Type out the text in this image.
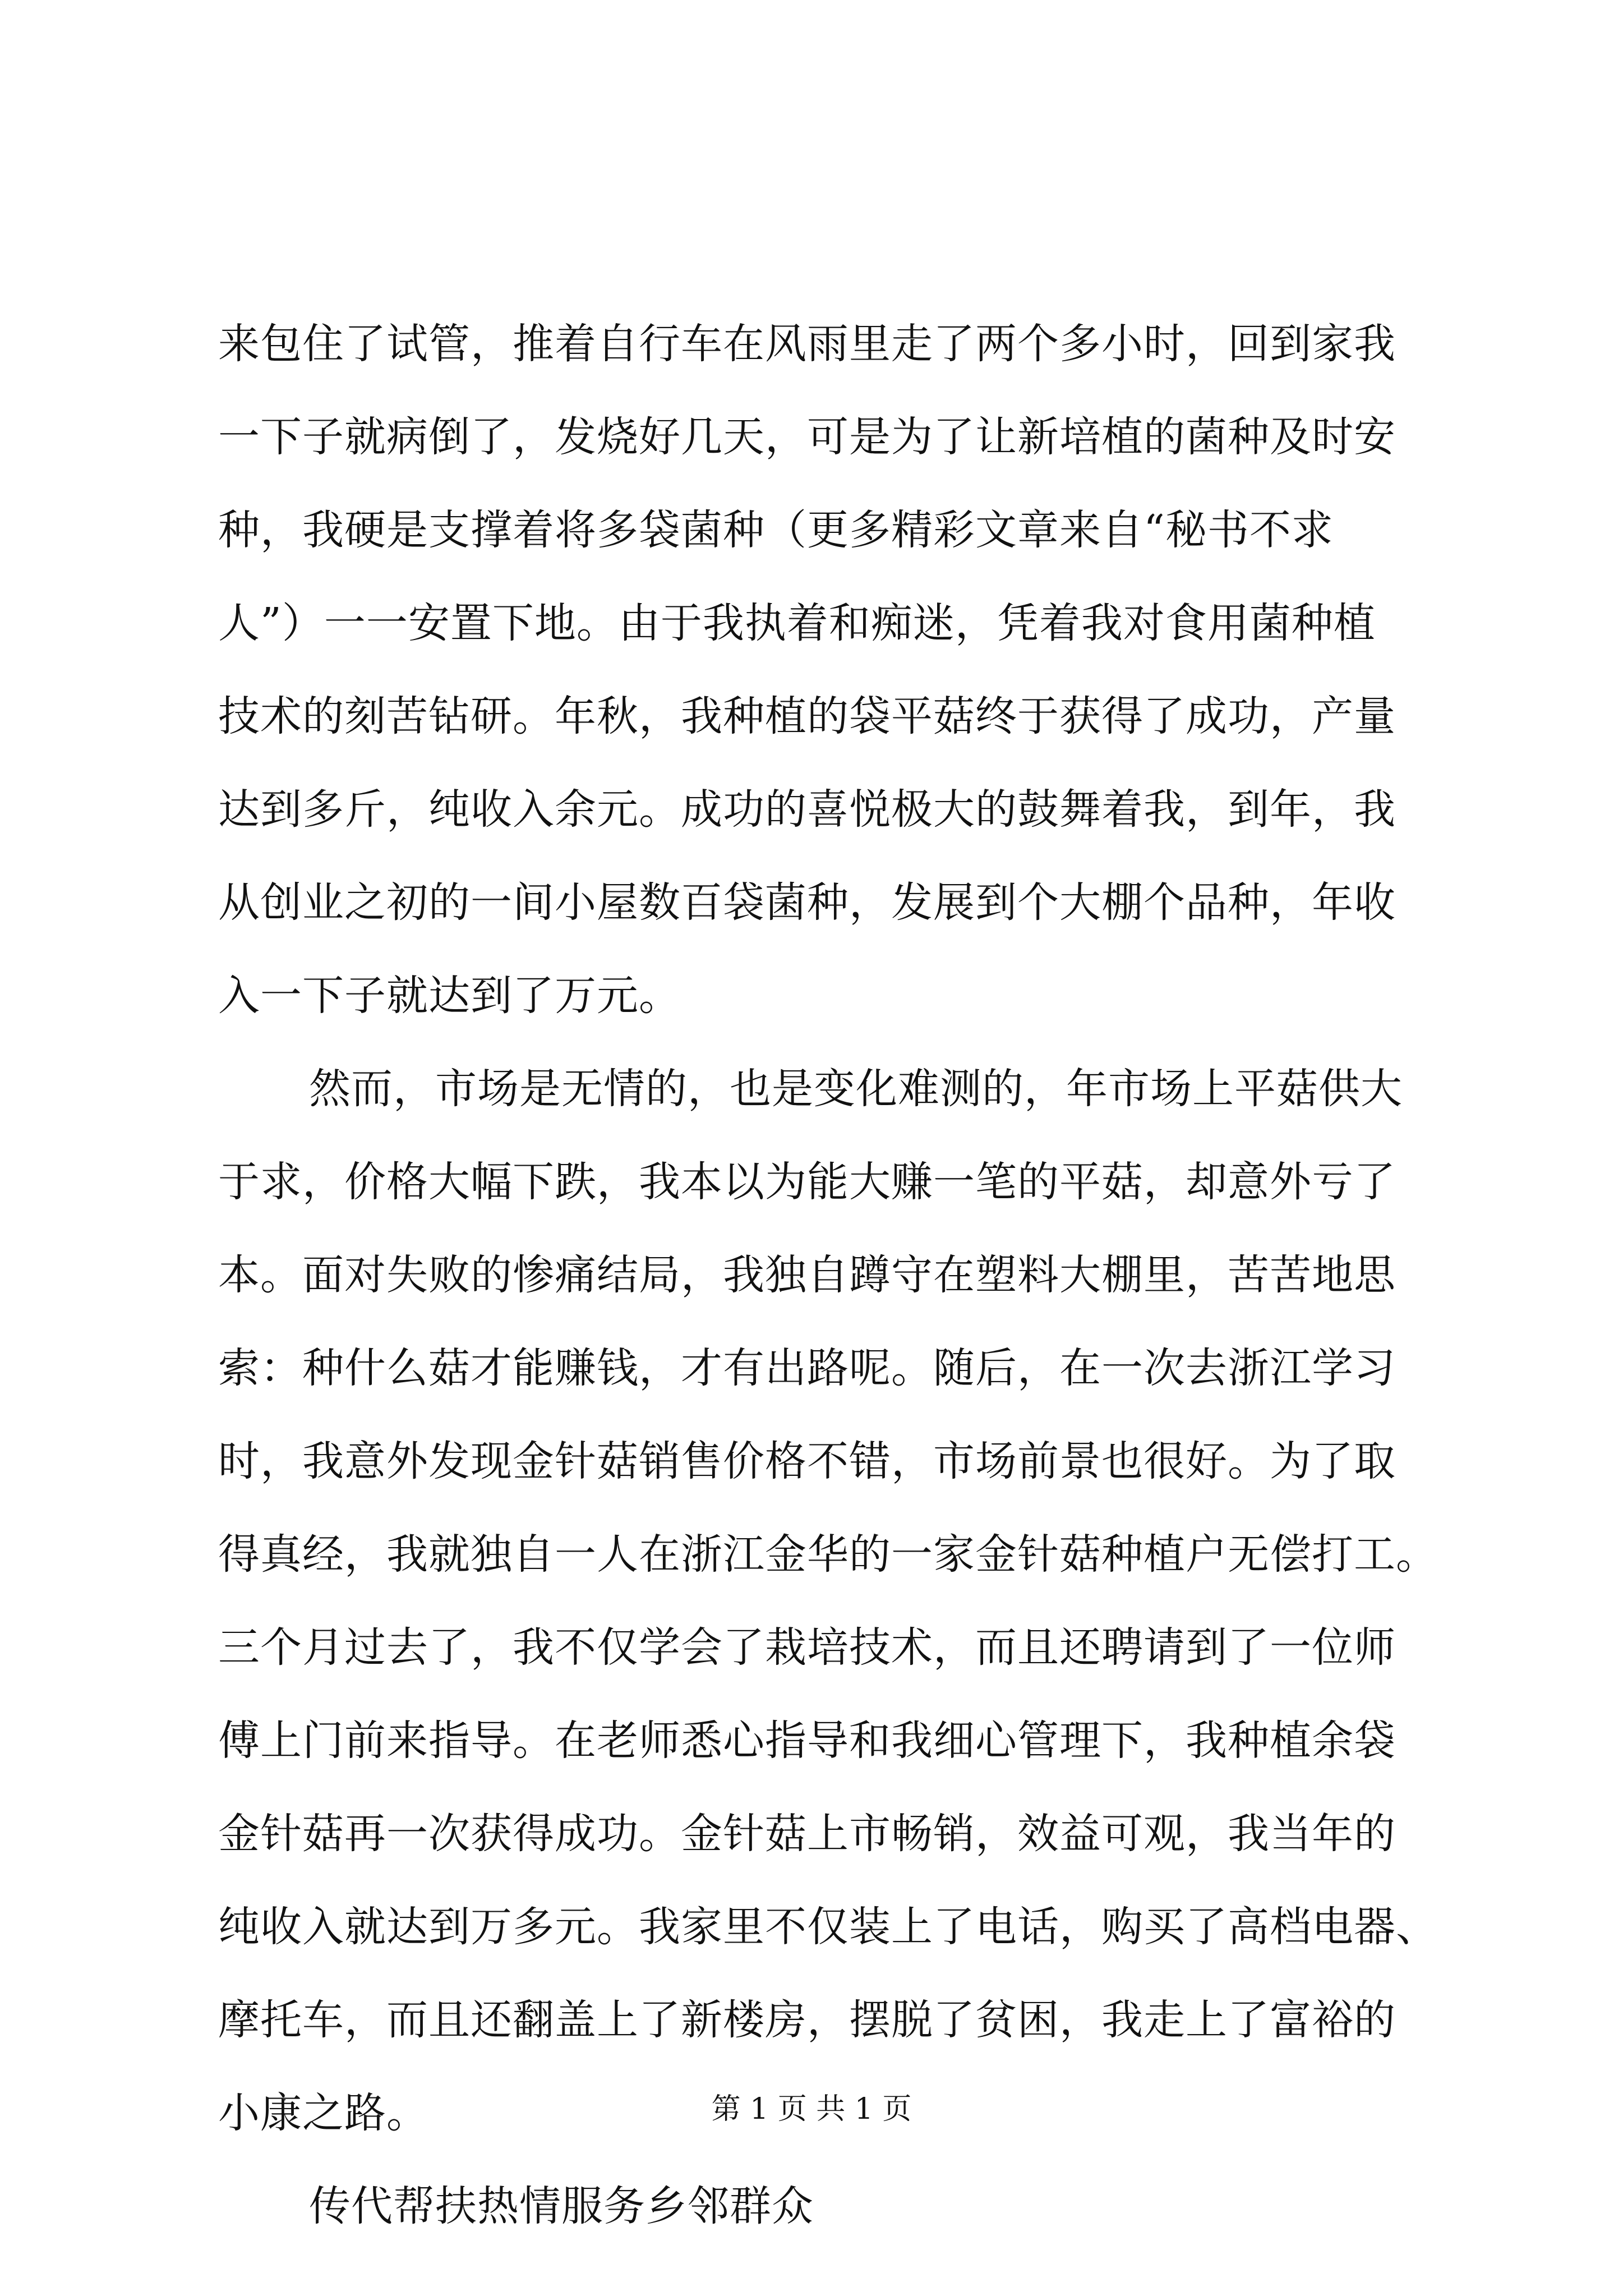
来包住了试管，推着自行车在风雨里走了两个多小时，回到家我
一下子就病倒了，发烧好几天，可是为了让新培植的菌种及时安
种，我硬是支撑着将多袋菌种（更多精彩文章来自“秘书不求
人”）一一安置下地。由于我执着和痴迷，凭着我对食用菌种植
技术的刻苦钻研。年秋，我种植的袋平菇终于获得了成功，产量
达到多斤，纯收入余元。成功的喜悦极大的鼓舞着我，到年，我
从创业之初的一间小屋数百袋菌种，发展到个大棚个品种，年收
入一下子就达到了万元。
然而，市场是无情的，也是变化难测的，年市场上平菇供大
于求，价格大幅下跌，我本以为能大赚一笔的平菇，却意外亏了
本。面对失败的惨痛结局，我独自蹲守在塑料大棚里，苦苦地思
索：种什么菇才能赚钱，才有出路呢。随后，在一次去浙江学习
时，我意外发现金针菇销售价格不错，市场前景也很好。为了取
得真经，我就独自一人在浙江金华的一家金针菇种植户无偿打工。
三个月过去了，我不仅学会了栽培技术，而且还聘请到了一位师
傅上门前来指导。在老师悉心指导和我细心管理下，我种植余袋
金针菇再一次获得成功。金针菇上市畅销，效益可观，我当年的
纯收入就达到万多元。我家里不仅装上了电话，购买了高档电器、
摩托车，而且还翻盖上了新楼房，摆脱了贫困，我走上了富裕的
小康之路。
传代帮扶热情服务乡邻群众
第 1 页 共 1 页
